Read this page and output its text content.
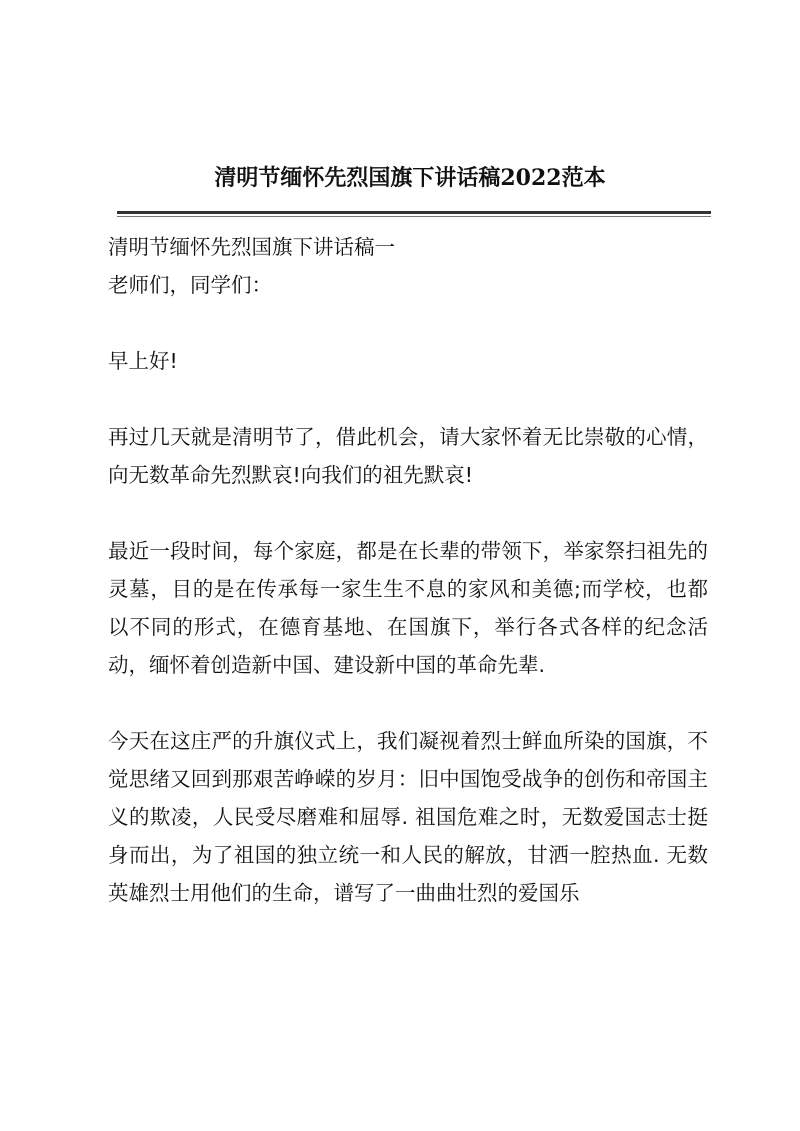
清明节缅怀先烈国旗下讲话稿2022范本

清明节缅怀先烈国旗下讲话稿一

老师们，同学们：

早上好!

再过几天就是清明节了，借此机会，请大家怀着无比崇敬的心情，向无数革命先烈默哀!向我们的祖先默哀!

最近一段时间，每个家庭，都是在长辈的带领下，举家祭扫祖先的灵墓，目的是在传承每一家生生不息的家风和美德;而学校，也都以不同的形式，在德育基地、在国旗下，举行各式各样的纪念活动，缅怀着创造新中国、建设新中国的革命先辈.

今天在这庄严的升旗仪式上，我们凝视着烈士鲜血所染的国旗，不觉思绪又回到那艰苦峥嵘的岁月：旧中国饱受战争的创伤和帝国主义的欺凌，人民受尽磨难和屈辱. 祖国危难之时，无数爱国志士挺身而出，为了祖国的独立统一和人民的解放，甘洒一腔热血. 无数英雄烈士用他们的生命，谱写了一曲曲壮烈的爱国乐
